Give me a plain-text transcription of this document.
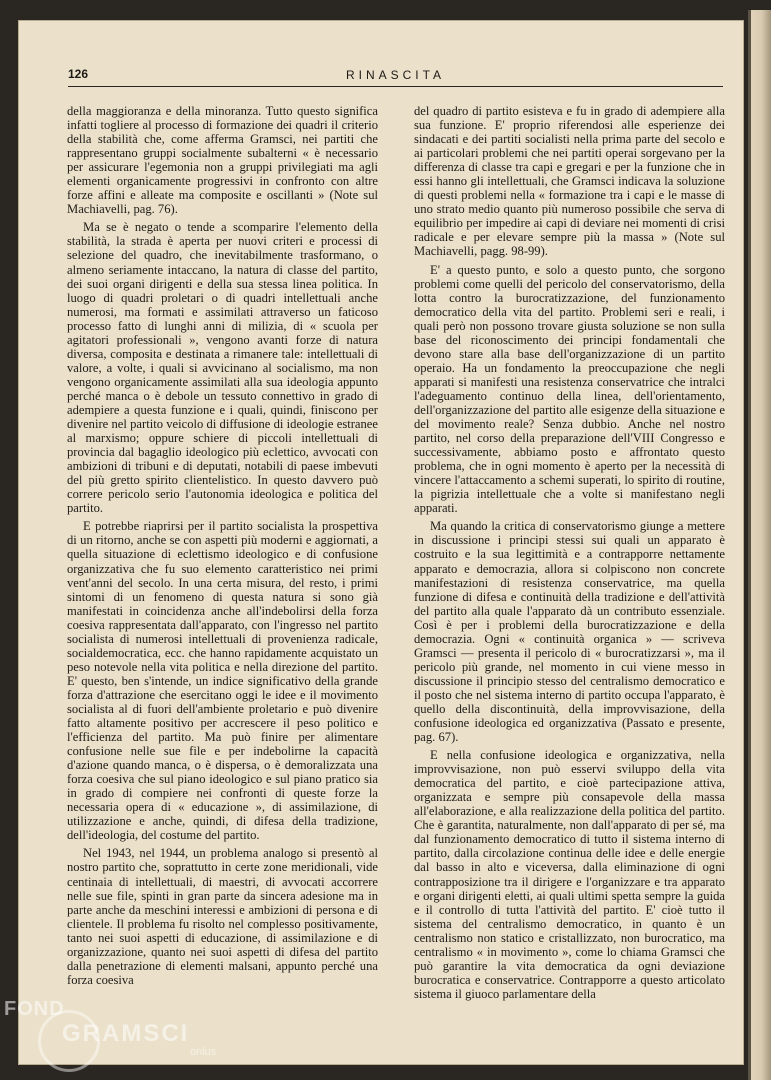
126	RINASCITA

della maggioranza e della minoranza. Tutto questo significa infatti togliere al processo di formazione dei quadri il criterio della stabilità che, come afferma Gramsci, nei partiti che rappresentano gruppi socialmente subalterni « è necessario per assicurare l'egemonia non a gruppi privilegiati ma agli elementi organicamente progressivi in confronto con altre forze affini e alleate ma composite e oscillanti » (Note sul Machiavelli, pag. 76).

Ma se è negato o tende a scomparire l'elemento della stabilità, la strada è aperta per nuovi criteri e processi di selezione del quadro, che inevitabilmente trasformano, o almeno seriamente intaccano, la natura di classe del partito, dei suoi organi dirigenti e della sua stessa linea politica. In luogo di quadri proletari o di quadri intellettuali anche numerosi, ma formati e assimilati attraverso un faticoso processo fatto di lunghi anni di milizia, di « scuola per agitatori professionali », vengono avanti forze di natura diversa, composita e destinata a rimanere tale: intellettuali di valore, a volte, i quali si avvicinano al socialismo, ma non vengono organicamente assimilati alla sua ideologia appunto perché manca o è debole un tessuto connettivo in grado di adempiere a questa funzione e i quali, quindi, finiscono per divenire nel partito veicolo di diffusione di ideologie estranee al marxismo; oppure schiere di piccoli intellettuali di provincia dal bagaglio ideologico più eclettico, avvocati con ambizioni di tribuni e di deputati, notabili di paese imbevuti del più gretto spirito clientelistico. In questo davvero può correre pericolo serio l'autonomia ideologica e politica del partito.

E potrebbe riaprirsi per il partito socialista la prospettiva di un ritorno, anche se con aspetti più moderni e aggiornati, a quella situazione di eclettismo ideologico e di confusione organizzativa che fu suo elemento caratteristico nei primi vent'anni del secolo. In una certa misura, del resto, i primi sintomi di un fenomeno di questa natura si sono già manifestati in coincidenza anche all'indebolirsi della forza coesiva rappresentata dall'apparato, con l'ingresso nel partito socialista di numerosi intellettuali di provenienza radicale, socialdemocratica, ecc. che hanno rapidamente acquistato un peso notevole nella vita politica e nella direzione del partito. E' questo, ben s'intende, un indice significativo della grande forza d'attrazione che esercitano oggi le idee e il movimento socialista al di fuori dell'ambiente proletario e può divenire fatto altamente positivo per accrescere il peso politico e l'efficienza del partito. Ma può finire per alimentare confusione nelle sue file e per indebolirne la capacità d'azione quando manca, o è dispersa, o è demoralizzata una forza coesiva che sul piano ideologico e sul piano pratico sia in grado di compiere nei confronti di queste forze la necessaria opera di « educazione », di assimilazione, di utilizzazione e anche, quindi, di difesa della tradizione, dell'ideologia, del costume del partito.

Nel 1943, nel 1944, un problema analogo si presentò al nostro partito che, soprattutto in certe zone meridionali, vide centinaia di intellettuali, di maestri, di avvocati accorrere nelle sue file, spinti in gran parte da sincera adesione ma in parte anche da meschini interessi e ambizioni di persona e di clientele. Il problema fu risolto nel complesso positivamente, tanto nei suoi aspetti di educazione, di assimilazione e di organizzazione, quanto nei suoi aspetti di difesa del partito dalla penetrazione di elementi malsani, appunto perché una forza coesiva

del quadro di partito esisteva e fu in grado di adempiere alla sua funzione. E' proprio riferendosi alle esperienze dei sindacati e dei partiti socialisti nella prima parte del secolo e ai particolari problemi che nei partiti operai sorgevano per la differenza di classe tra capi e gregari e per la funzione che in essi hanno gli intellettuali, che Gramsci indicava la soluzione di questi problemi nella « formazione tra i capi e le masse di uno strato medio quanto più numeroso possibile che serva di equilibrio per impedire ai capi di deviare nei momenti di crisi radicale e per elevare sempre più la massa » (Note sul Machiavelli, pagg. 98-99).

E' a questo punto, e solo a questo punto, che sorgono problemi come quelli del pericolo del conservatorismo, della lotta contro la burocratizzazione, del funzionamento democratico della vita del partito. Problemi seri e reali, i quali però non possono trovare giusta soluzione se non sulla base del riconoscimento dei principi fondamentali che devono stare alla base dell'organizzazione di un partito operaio. Ha un fondamento la preoccupazione che negli apparati si manifesti una resistenza conservatrice che intralci l'adeguamento continuo della linea, dell'orientamento, dell'organizzazione del partito alle esigenze della situazione e del movimento reale? Senza dubbio. Anche nel nostro partito, nel corso della preparazione dell'VIII Congresso e successivamente, abbiamo posto e affrontato questo problema, che in ogni momento è aperto per la necessità di vincere l'attaccamento a schemi superati, lo spirito di routine, la pigrizia intellettuale che a volte si manifestano negli apparati.

Ma quando la critica di conservatorismo giunge a mettere in discussione i principi stessi sui quali un apparato è costruito e la sua legittimità e a contrapporre nettamente apparato e democrazia, allora si colpiscono non concrete manifestazioni di resistenza conservatrice, ma quella funzione di difesa e continuità della tradizione e dell'attività del partito alla quale l'apparato dà un contributo essenziale. Così è per i problemi della burocratizzazione e della democrazia. Ogni « continuità organica » — scriveva Gramsci — presenta il pericolo di « burocratizzarsi », ma il pericolo più grande, nel momento in cui viene messo in discussione il principio stesso del centralismo democratico e il posto che nel sistema interno di partito occupa l'apparato, è quello della discontinuità, della improvvisazione, della confusione ideologica ed organizzativa (Passato e presente, pag. 67).

E nella confusione ideologica e organizzativa, nella improvvisazione, non può esservi sviluppo della vita democratica del partito, e cioè partecipazione attiva, organizzata e sempre più consapevole della massa all'elaborazione, e alla realizzazione della politica del partito. Che è garantita, naturalmente, non dall'apparato di per sé, ma dal funzionamento democratico di tutto il sistema interno di partito, dalla circolazione continua delle idee e delle energie dal basso in alto e viceversa, dalla eliminazione di ogni contrapposizione tra il dirigere e l'organizzare e tra apparato e organi dirigenti eletti, ai quali ultimi spetta sempre la guida e il controllo di tutta l'attività del partito. E' cioè tutto il sistema del centralismo democratico, in quanto è un centralismo non statico e cristallizzato, non burocratico, ma centralismo « in movimento », come lo chiama Gramsci che può garantire la vita democratica da ogni deviazione burocratica e conservatrice. Contrapporre a questo articolato sistema il giuoco parlamentare della

FOND
GRAMSCI
onlus
